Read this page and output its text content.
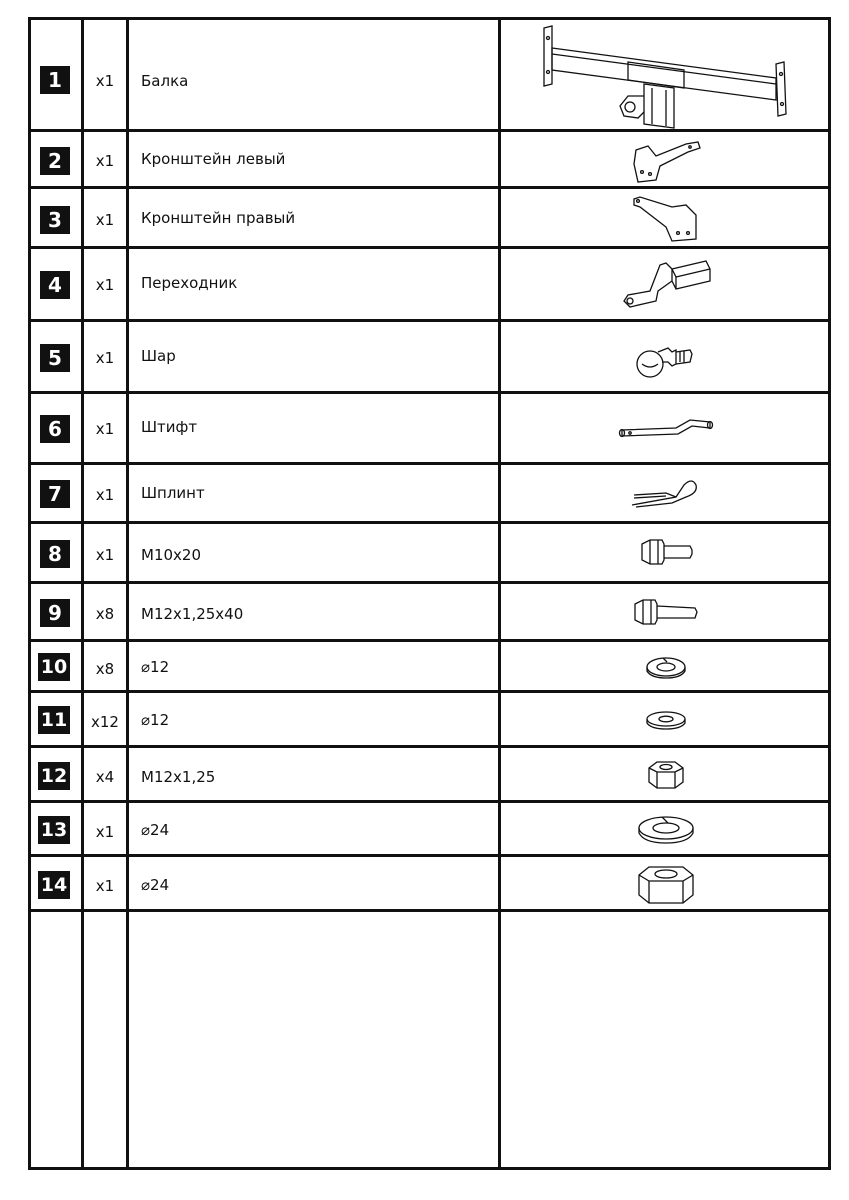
1	x1	Балка
2	x1	Кронштейн левый
3	x1	Кронштейн правый
4	x1	Переходник
5	x1	Шар
6	x1	Штифт
7	x1	Шплинт
8	x1	M10x20
9	x8	M12x1,25x40
10	x8	⌀12
11	x12	⌀12
12	x4	M12x1,25
13	x1	⌀24
14	x1	⌀24
